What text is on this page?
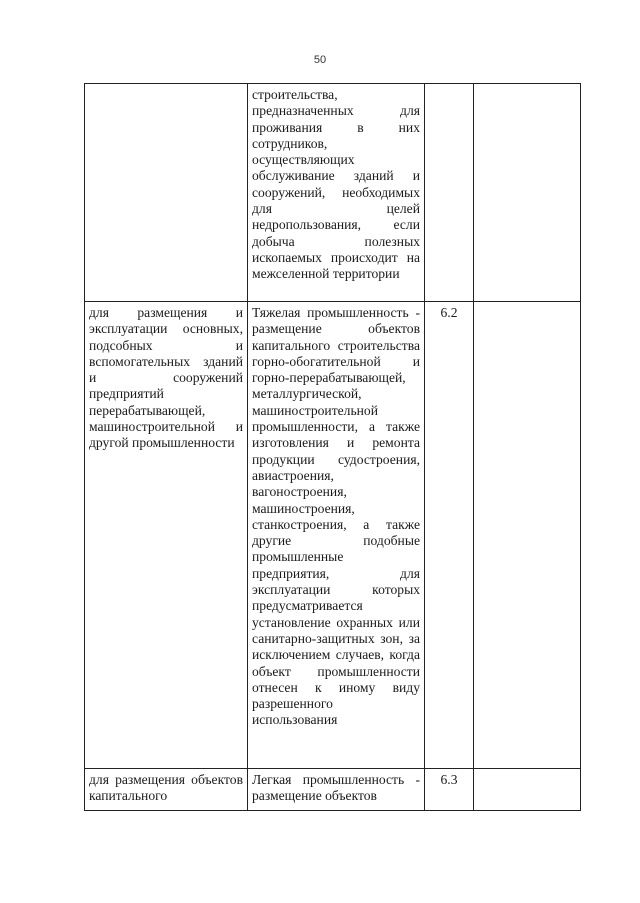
50
	строительства, предназначенных для проживания в них сотрудников, осуществляющих обслуживание зданий и сооружений, необходимых для целей недропользования, если добыча полезных ископаемых происходит на межселенной территории		
для размещения и эксплуатации основных, подсобных и вспомогательных зданий и сооружений предприятий перерабатывающей, машиностроительной и другой промышленности	Тяжелая промышленность - размещение объектов капитального строительства горно-обогатительной и горно-перерабатывающей, металлургической, машиностроительной промышленности, а также изготовления и ремонта продукции судостроения, авиастроения, вагоностроения, машиностроения, станкостроения, а также другие подобные промышленные предприятия, для эксплуатации которых предусматривается установление охранных или санитарно-защитных зон, за исключением случаев, когда объект промышленности отнесен к иному виду разрешенного использования	6.2	
для размещения объектов капитального	Легкая промышленность - размещение объектов	6.3	
